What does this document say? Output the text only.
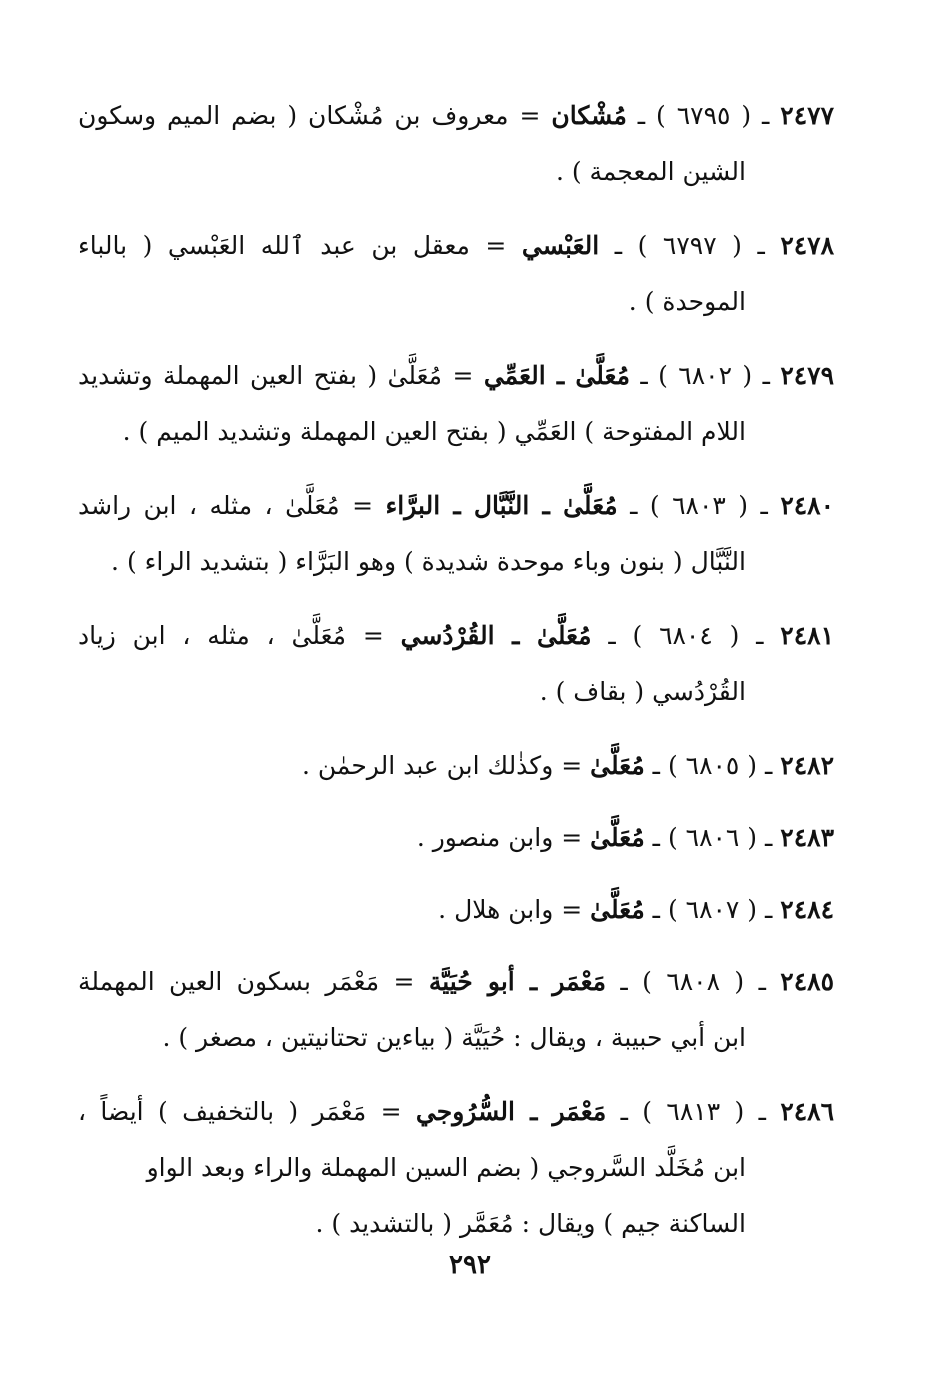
٢٤٧٧ ـ ( ٦٧٩٥ ) ـ مُشْكان = معروف بن مُشْكان ( بضم الميم وسكون
الشين المعجمة ) .
٢٤٧٨ ـ ( ٦٧٩٧ ) ـ العَبْسي = معقل بن عبد ٱلله العَبْسي ( بالباء
الموحدة ) .
٢٤٧٩ ـ ( ٦٨٠٢ ) ـ مُعَلَّىٰ ـ العَمِّي = مُعَلَّىٰ ( بفتح العين المهملة وتشديد
اللام المفتوحة ) العَمِّي ( بفتح العين المهملة وتشديد الميم ) .
٢٤٨٠ ـ ( ٦٨٠٣ ) ـ مُعَلَّىٰ ـ النَّبَّال ـ البرَّاء = مُعَلَّىٰ ، مثله ، ابن راشد
النَّبَّال ( بنون وباء موحدة شديدة ) وهو البَرَّاء ( بتشديد الراء ) .
٢٤٨١ ـ ( ٦٨٠٤ ) ـ مُعَلَّىٰ ـ القُرْدُسي = مُعَلَّىٰ ، مثله ، ابن زياد
القُرْدُسي ( بقاف ) .
٢٤٨٢ ـ ( ٦٨٠٥ ) ـ مُعَلَّىٰ = وكذٰلك ابن عبد الرحمٰن .
٢٤٨٣ ـ ( ٦٨٠٦ ) ـ مُعَلَّىٰ = وابن منصور .
٢٤٨٤ ـ ( ٦٨٠٧ ) ـ مُعَلَّىٰ = وابن هلال .
٢٤٨٥ ـ ( ٦٨٠٨ ) ـ مَعْمَر ـ أبو حُيَيَّة = مَعْمَر بسكون العين المهملة
ابن أبي حبيبة ، ويقال : حُيَيَّة ( بياءين تحتانيتين ، مصغر ) .
٢٤٨٦ ـ ( ٦٨١٣ ) ـ مَعْمَر ـ السُّرُوجي = مَعْمَر ( بالتخفيف ) أيضاً ،
ابن مُخَلَّد السَّروجي ( بضم السين المهملة والراء وبعد الواو
الساكنة جيم ) ويقال : مُعَمَّر ( بالتشديد ) .
٢٩٢
